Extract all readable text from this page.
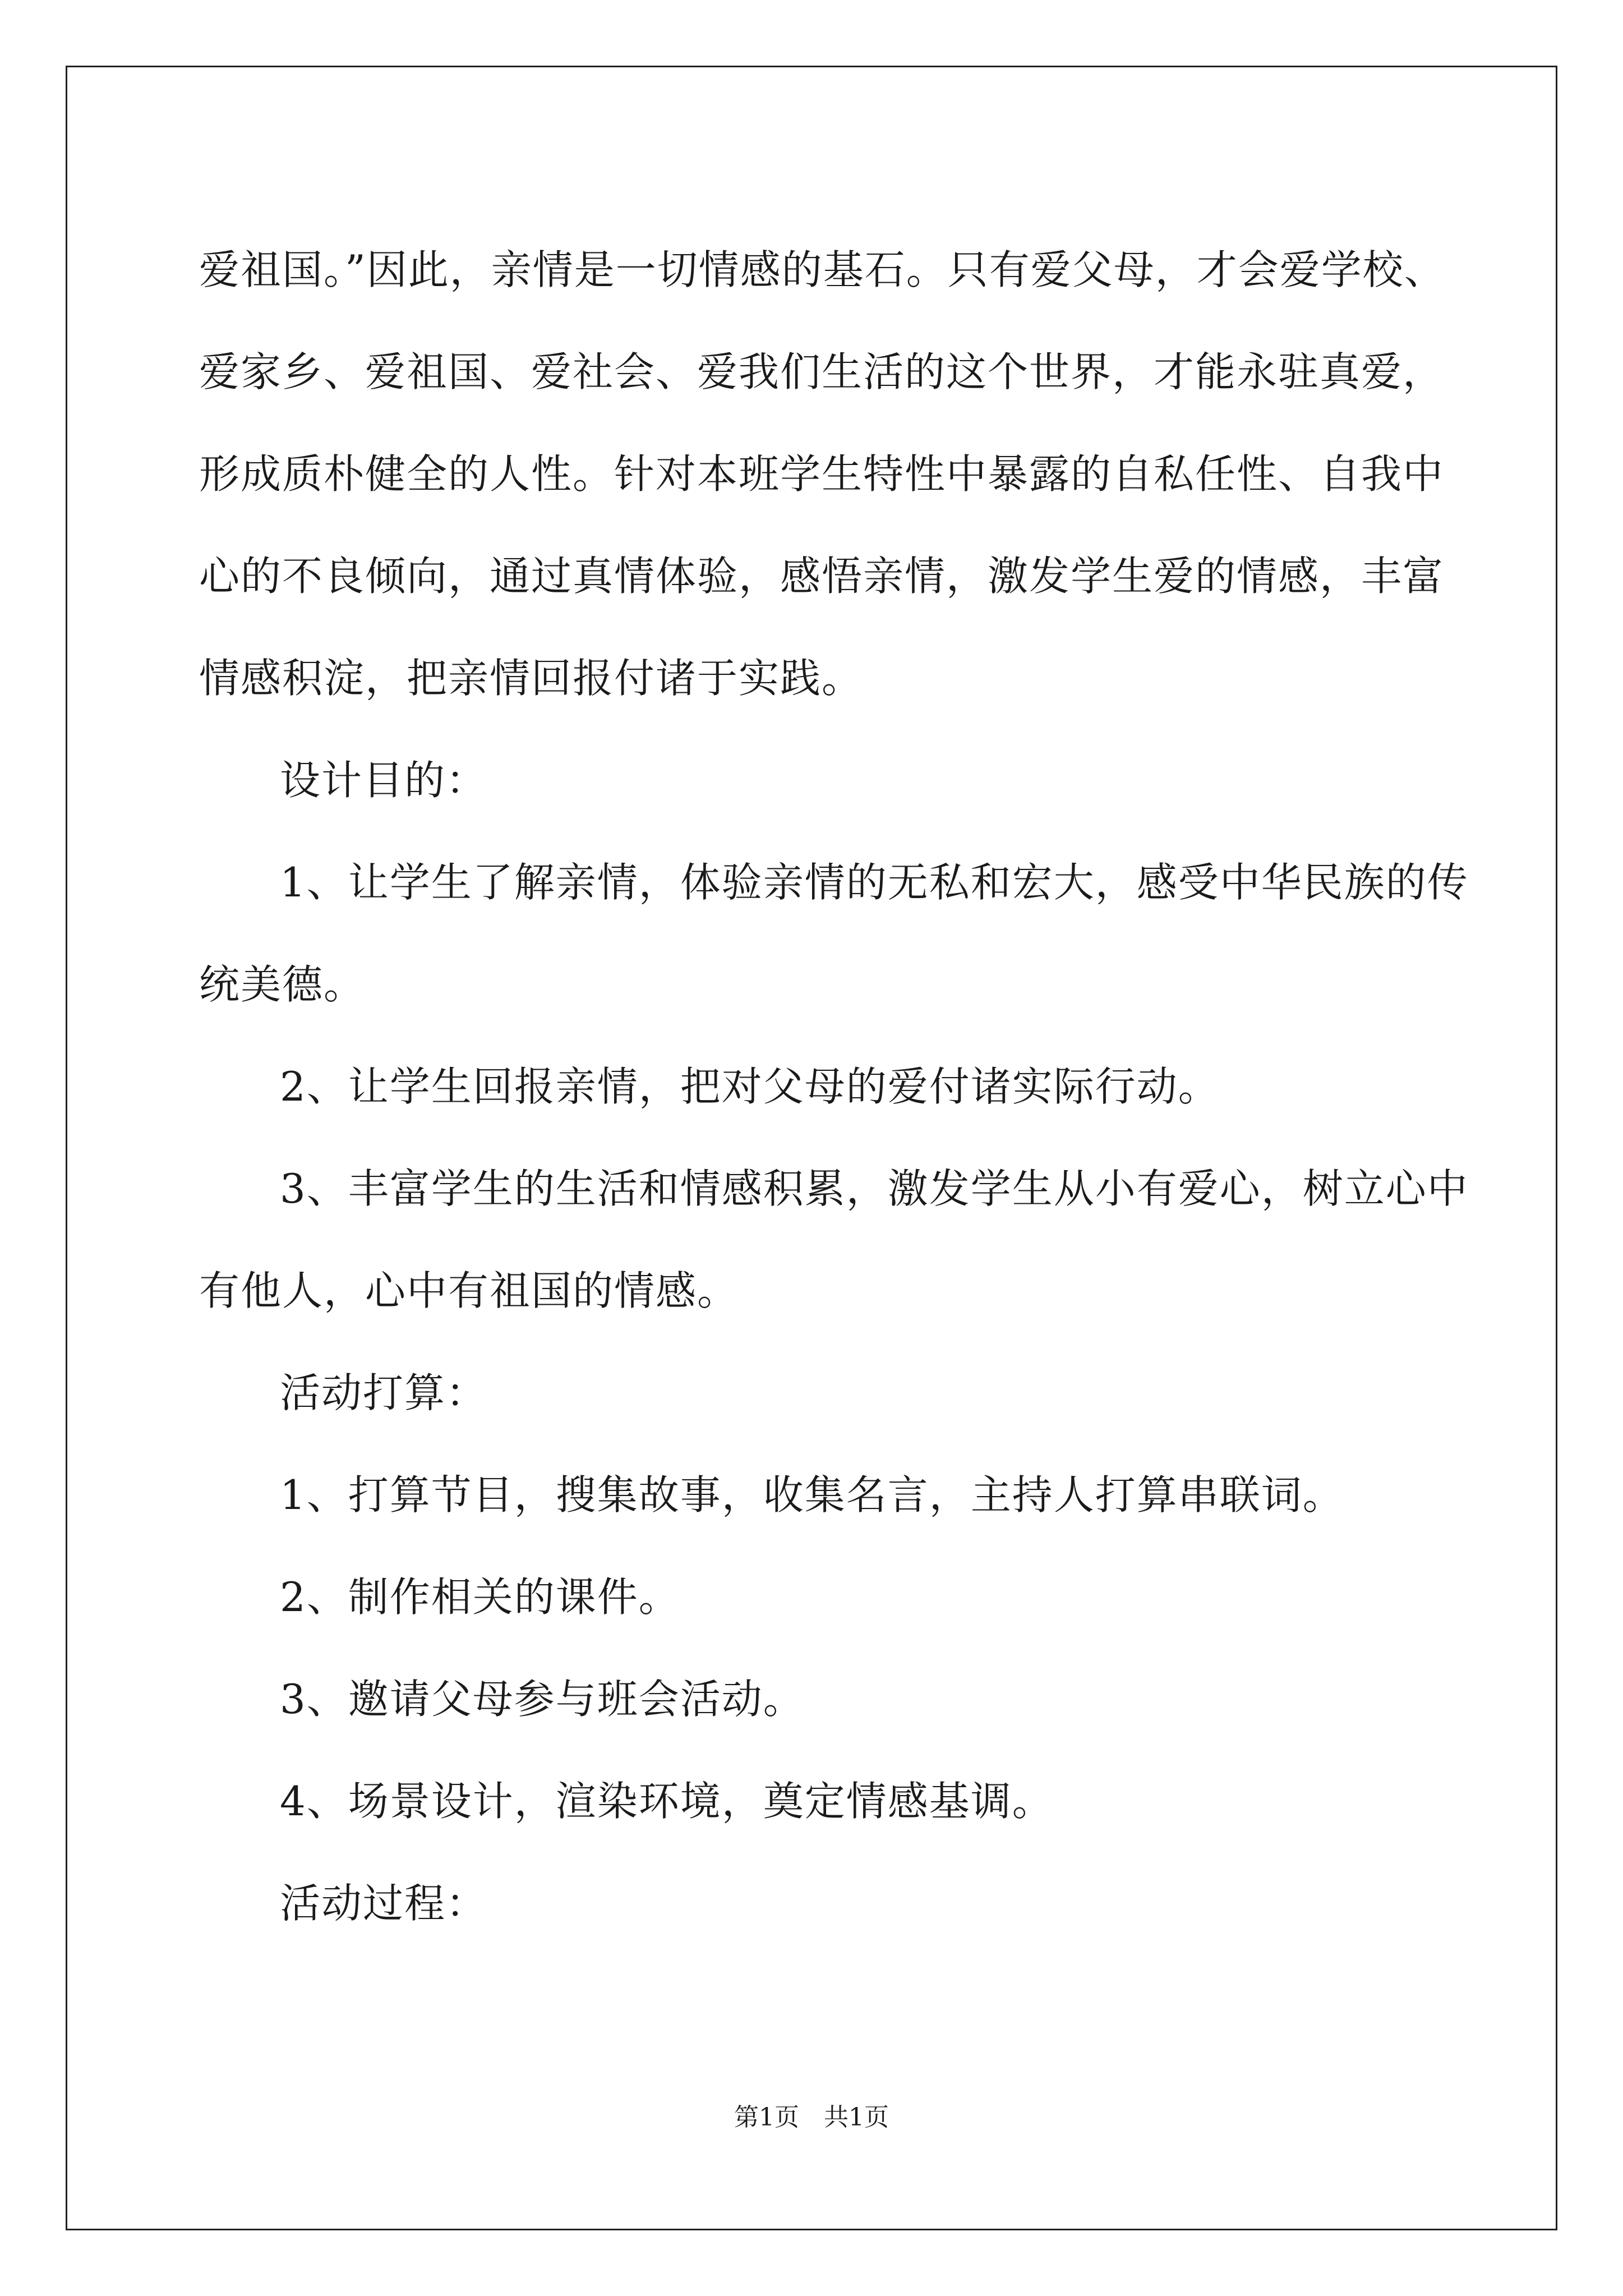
爱祖国。”因此，亲情是一切情感的基石。只有爱父母，才会爱学校、

爱家乡、爱祖国、爱社会、爱我们生活的这个世界，才能永驻真爱，

形成质朴健全的人性。针对本班学生特性中暴露的自私任性、自我中

心的不良倾向，通过真情体验，感悟亲情，激发学生爱的情感，丰富

情感积淀，把亲情回报付诸于实践。

设计目的：

1、让学生了解亲情，体验亲情的无私和宏大，感受中华民族的传

统美德。

2、让学生回报亲情，把对父母的爱付诸实际行动。

3、丰富学生的生活和情感积累，激发学生从小有爱心，树立心中

有他人，心中有祖国的情感。

活动打算：

1、打算节目，搜集故事，收集名言，主持人打算串联词。

2、制作相关的课件。

3、邀请父母参与班会活动。

4、场景设计，渲染环境，奠定情感基调。

活动过程：

第1页　共1页
